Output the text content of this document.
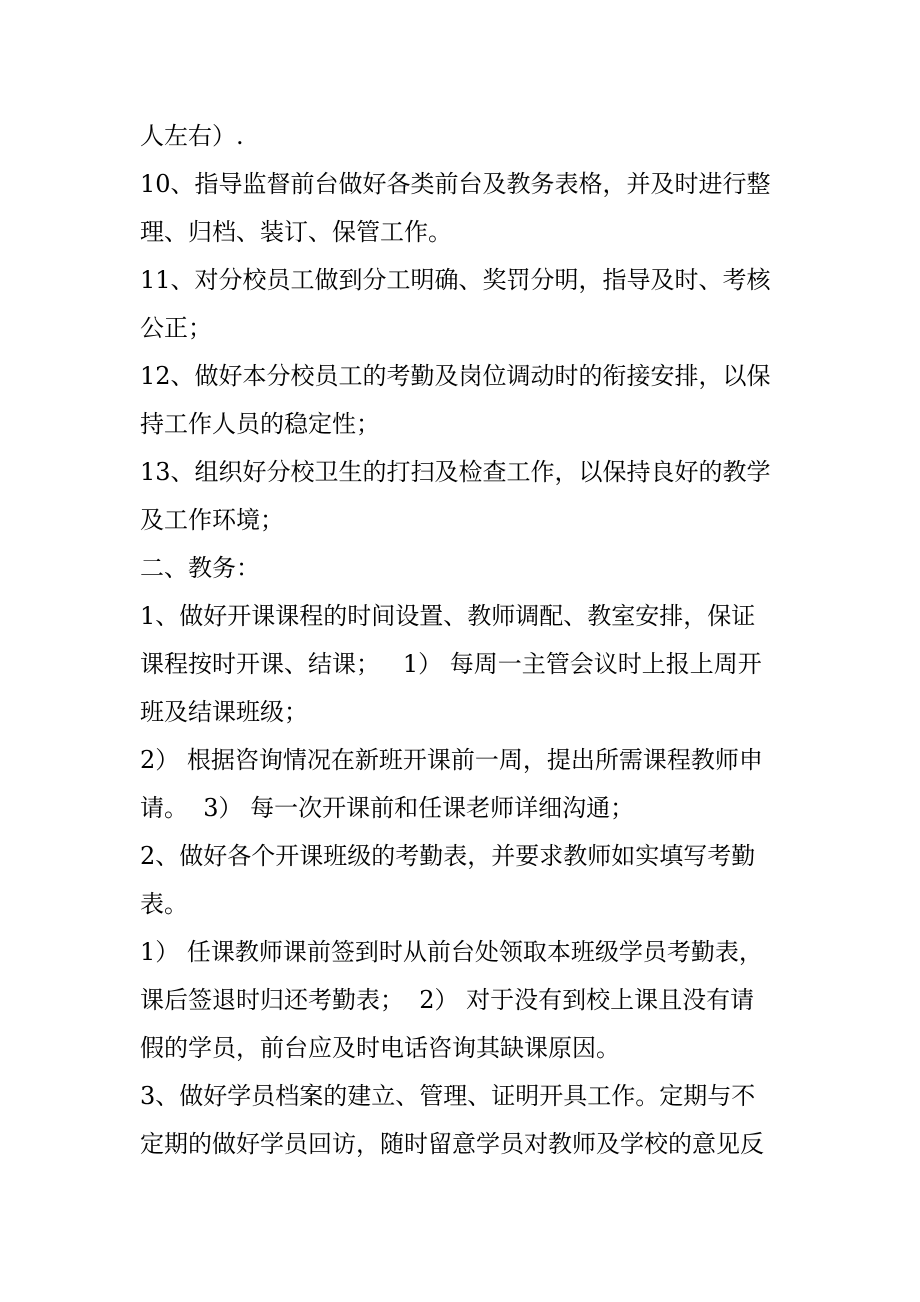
人左右）.
10、指导监督前台做好各类前台及教务表格，并及时进行整
理、归档、装订、保管工作。
11、对分校员工做到分工明确、奖罚分明，指导及时、考核
公正；
12、做好本分校员工的考勤及岗位调动时的衔接安排，以保
持工作人员的稳定性；
13、组织好分校卫生的打扫及检查工作，以保持良好的教学
及工作环境；
二、教务：
1、做好开课课程的时间设置、教师调配、教室安排，保证
课程按时开课、结课；   1） 每周一主管会议时上报上周开
班及结课班级；
2） 根据咨询情况在新班开课前一周，提出所需课程教师申
请。  3） 每一次开课前和任课老师详细沟通；
2、做好各个开课班级的考勤表，并要求教师如实填写考勤
表。
1） 任课教师课前签到时从前台处领取本班级学员考勤表，
课后签退时归还考勤表；  2） 对于没有到校上课且没有请
假的学员，前台应及时电话咨询其缺课原因。
3、做好学员档案的建立、管理、证明开具工作。定期与不
定期的做好学员回访，随时留意学员对教师及学校的意见反
